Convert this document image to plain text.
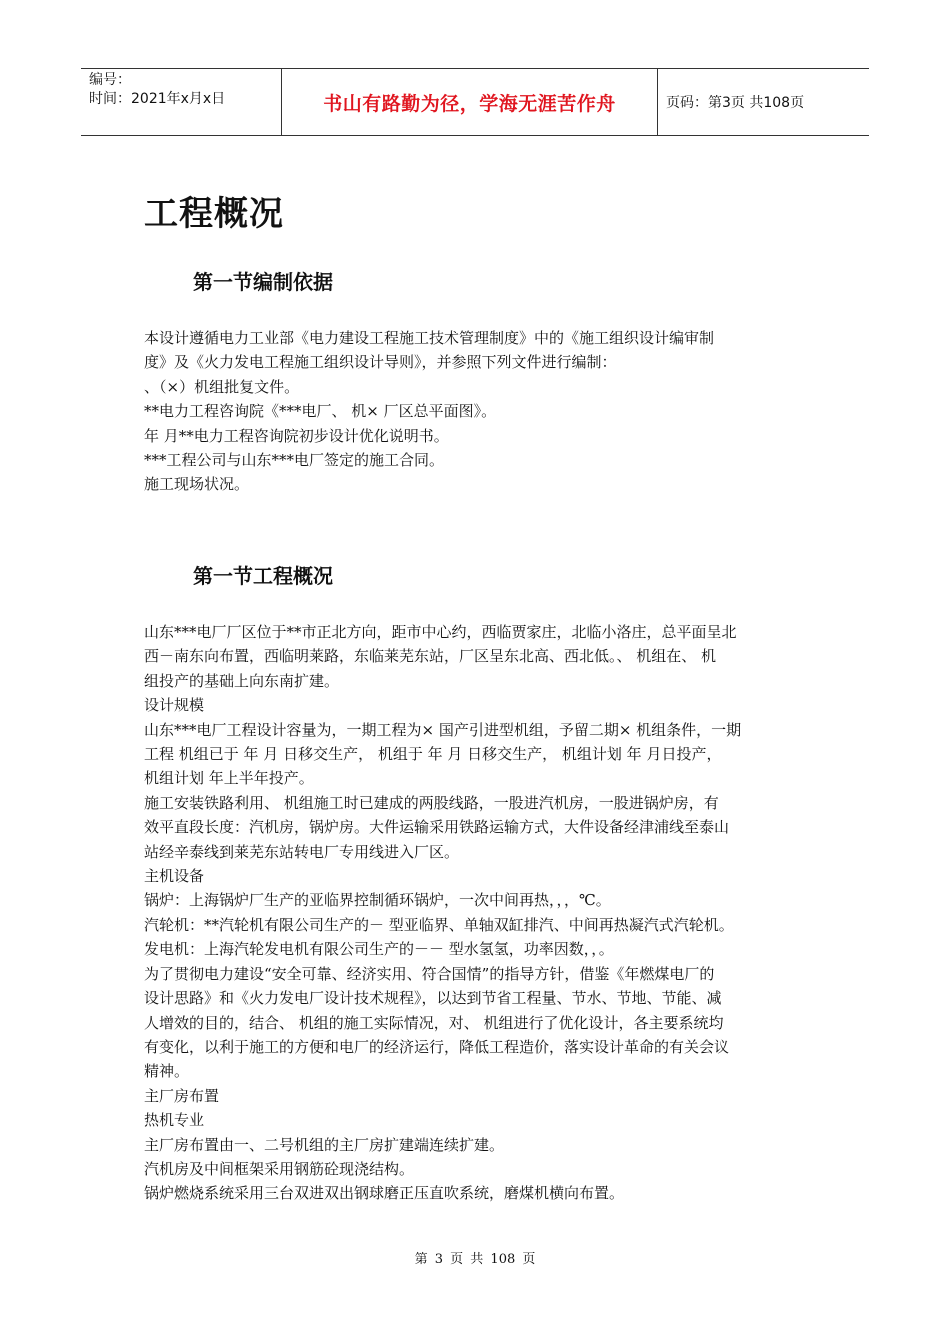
编号：
时间：2021年x月x日	书山有路勤为径，学海无涯苦作舟	页码：第3页 共108页
工程概况
第一节编制依据
本设计遵循电力工业部《电力建设工程施工技术管理制度》中的《施工组织设计编审制
度》及《火力发电工程施工组织设计导则》，并参照下列文件进行编制：
、（×）机组批复文件。
**电力工程咨询院《***电厂、 机× 厂区总平面图》。
年 月**电力工程咨询院初步设计优化说明书。
***工程公司与山东***电厂签定的施工合同。
施工现场状况。
第一节工程概况
山东***电厂厂区位于**市正北方向，距市中心约，西临贾家庄，北临小洛庄，总平面呈北
西－南东向布置，西临明莱路，东临莱芜东站，厂区呈东北高、西北低。、 机组在、 机
组投产的基础上向东南扩建。
设计规模
山东***电厂工程设计容量为，一期工程为× 国产引进型机组，予留二期× 机组条件，一期
工程 机组已于 年 月 日移交生产， 机组于 年 月 日移交生产， 机组计划 年 月日投产，
机组计划 年上半年投产。
施工安装铁路利用、 机组施工时已建成的两股线路，一股进汽机房，一股进锅炉房，有
效平直段长度：汽机房，锅炉房。大件运输采用铁路运输方式，大件设备经津浦线至泰山
站经辛泰线到莱芜东站转电厂专用线进入厂区。
主机设备
锅炉：上海锅炉厂生产的亚临界控制循环锅炉，一次中间再热，，，℃。
汽轮机：**汽轮机有限公司生产的－ 型亚临界、单轴双缸排汽、中间再热凝汽式汽轮机。
发电机：上海汽轮发电机有限公司生产的－－ 型水氢氢，功率因数，，。
为了贯彻电力建设“安全可靠、经济实用、符合国情”的指导方针，借鉴《年燃煤电厂的
设计思路》和《火力发电厂设计技术规程》，以达到节省工程量、节水、节地、节能、减
人增效的目的，结合、 机组的施工实际情况，对、 机组进行了优化设计，各主要系统均
有变化，以利于施工的方便和电厂的经济运行，降低工程造价，落实设计革命的有关会议
精神。
主厂房布置
热机专业
主厂房布置由一、二号机组的主厂房扩建端连续扩建。
汽机房及中间框架采用钢筋砼现浇结构。
锅炉燃烧系统采用三台双进双出钢球磨正压直吹系统，磨煤机横向布置。
第 3 页 共 108 页
